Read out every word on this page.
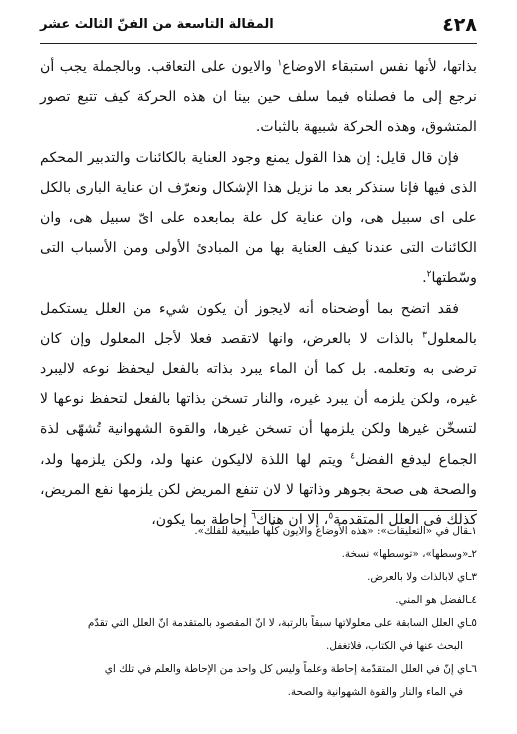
٤٢٨
المقالة التاسعة من الفنّ الثالث عشر

بذاتها، لأنها نفس استبقاء الاوضاع$^١$ والايون على التعاقب. وبالجملة يجب أن نرجع إلى ما فصلناه فيما سلف حين بينا ان هذه الحركة كيف تتبع تصور المتشوق، وهذه الحركة شبيهة بالثبات.

فإن قال قايل: إن هذا القول يمنع وجود العناية بالكائنات والتدبير المحكم الذى فيها فإنا سنذكر بعد ما نزيل هذا الإشكال ونعرّف ان عناية البارى بالكل على اى سبيل هى، وان عناية كل علة بمابعده على اىّ سبيل هى، وان الكائنات التى عندنا كيف العناية بها من المبادئ الأولى ومن الأسباب التى وسّطتها$^٢$.

فقد اتضح بما أوضحناه أنه لايجوز أن يكون شيء من العلل يستكمل بالمعلول$^٣$ بالذات لا بالعرض، وانها لاتقصد فعلا لأجل المعلول وإن كان ترضى به وتعلمه. بل كما أن الماء يبرد بذاته بالفعل ليحفظ نوعه لاليبرد غيره، ولكن يلزمه أن يبرد غيره، والنار تسخن بذاتها بالفعل لتحفظ نوعها لا لتسخّن غيرها ولكن يلزمها أن تسخن غيرها، والقوة الشهوانية تُشهّى لذة الجماع ليدفع الفضل$^٤$ ويتم لها اللذة لاليكون عنها ولد، ولكن يلزمها ولد، والصحة هى صحة بجوهر وذاتها لا لان تنفع المريض لكن يلزمها نفع المريض، كذلك فى العلل المتقدمة$^٥$، إلا ان هناك$^٦$ إحاطة بما يكون،

١ـقال في «التعليقات»: «هذه الأوضاع والايون كلّها طبيعية للفلك».
٢ـ«وسطها»، «توسطها» نسخة.
٣ـاي لابالذات ولا بالعرض.
٤ـالفضل هو المني.
٥ـاي العلل السابقة على معلولاتها سبقاً بالرتبة، لا انّ المقصود بالمتقدمة انّ العلل التي تقدّم
البحث عنها في الكتاب، فلاتغفل.
٦ـاي إنّ في العلل المتقدّمة إحاطة وعلماً وليس كل واحد من الإحاطة والعلم في تلك اي
في الماء والنار والقوة الشهوانية والصحة.
